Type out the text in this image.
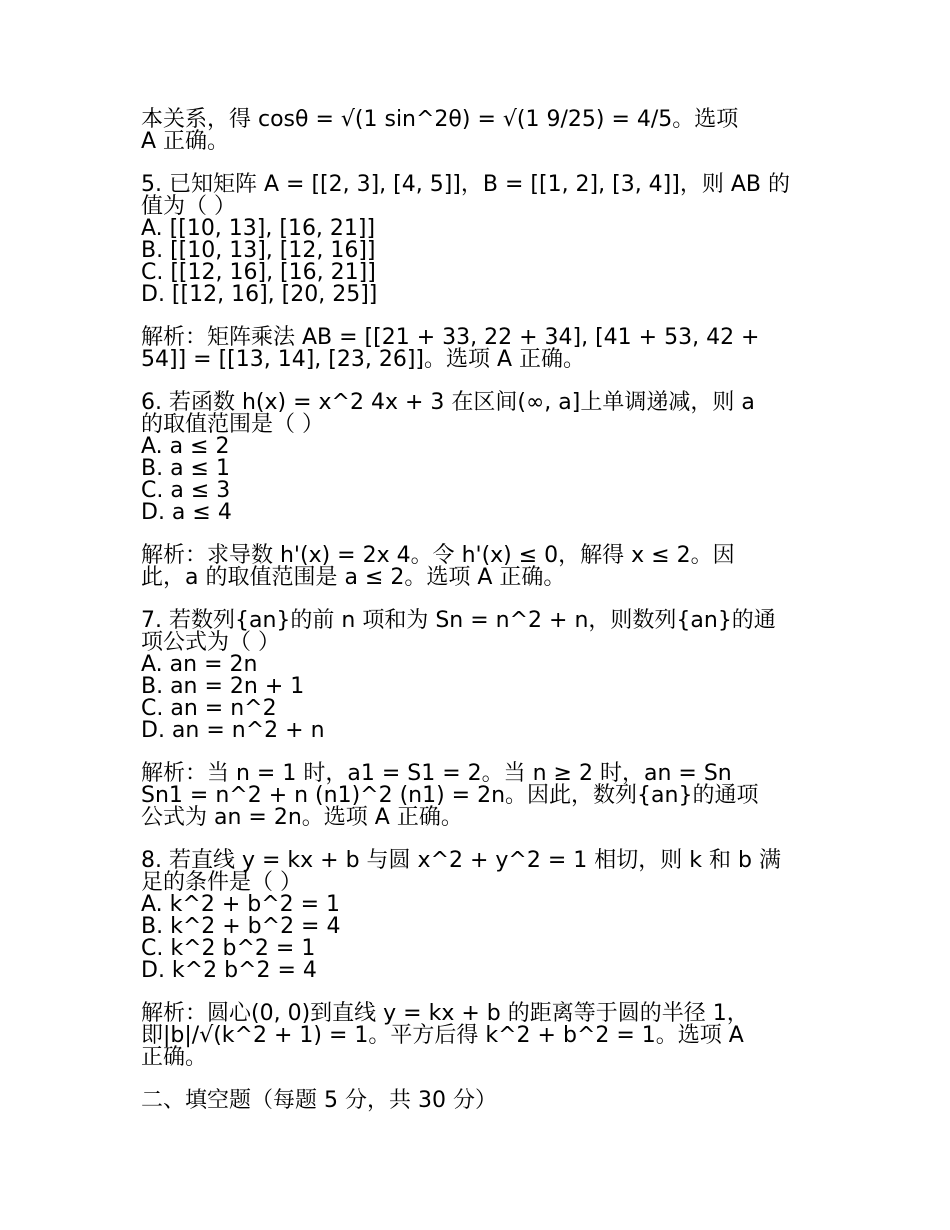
本关系，得 cosθ = √(1 sin^2θ) = √(1 9/25) = 4/5。选项
A 正确。
5. 已知矩阵 A = [[2, 3], [4, 5]]，B = [[1, 2], [3, 4]]，则 AB 的
值为（ ）
A. [[10, 13], [16, 21]]
B. [[10, 13], [12, 16]]
C. [[12, 16], [16, 21]]
D. [[12, 16], [20, 25]]
解析：矩阵乘法 AB = [[21 + 33, 22 + 34], [41 + 53, 42 +
54]] = [[13, 14], [23, 26]]。选项 A 正确。
6. 若函数 h(x) = x^2 4x + 3 在区间(∞, a]上单调递减，则 a
的取值范围是（ ）
A. a ≤ 2
B. a ≤ 1
C. a ≤ 3
D. a ≤ 4
解析：求导数 h'(x) = 2x 4。令 h'(x) ≤ 0，解得 x ≤ 2。因
此，a 的取值范围是 a ≤ 2。选项 A 正确。
7. 若数列{an}的前 n 项和为 Sn = n^2 + n，则数列{an}的通
项公式为（ ）
A. an = 2n
B. an = 2n + 1
C. an = n^2
D. an = n^2 + n
解析：当 n = 1 时，a1 = S1 = 2。当 n ≥ 2 时，an = Sn
Sn1 = n^2 + n (n1)^2 (n1) = 2n。因此，数列{an}的通项
公式为 an = 2n。选项 A 正确。
8. 若直线 y = kx + b 与圆 x^2 + y^2 = 1 相切，则 k 和 b 满
足的条件是（ ）
A. k^2 + b^2 = 1
B. k^2 + b^2 = 4
C. k^2 b^2 = 1
D. k^2 b^2 = 4
解析：圆心(0, 0)到直线 y = kx + b 的距离等于圆的半径 1，
即|b|/√(k^2 + 1) = 1。平方后得 k^2 + b^2 = 1。选项 A
正确。
二、填空题（每题 5 分，共 30 分）
